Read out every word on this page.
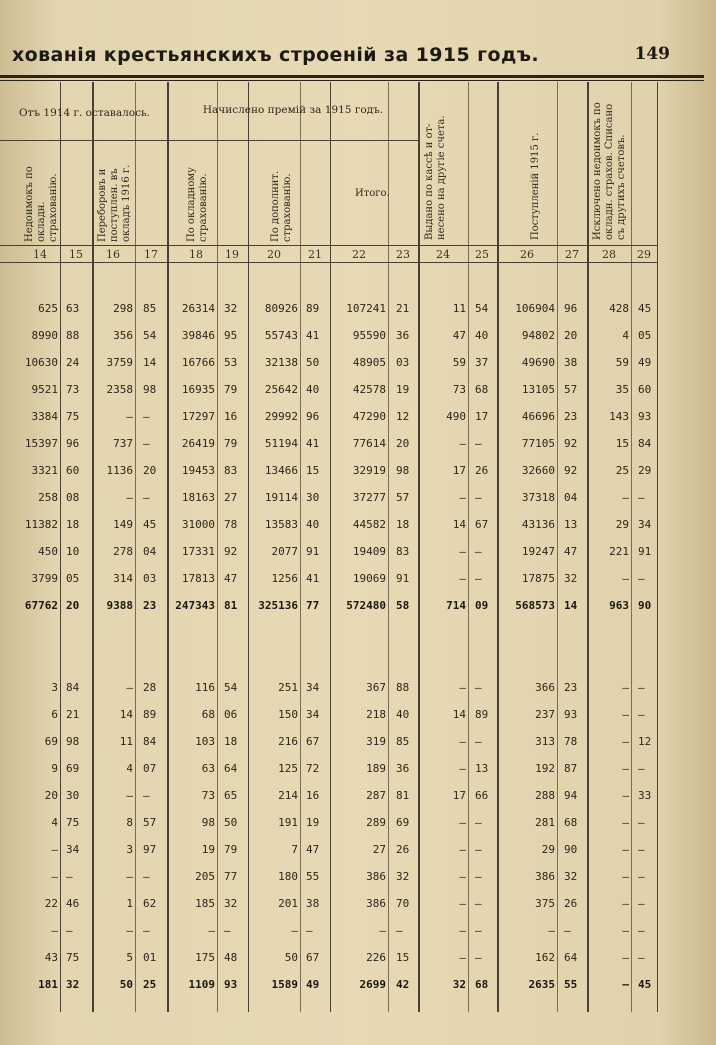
хованія крестьянскихъ строеній за 1915 годъ.	149
Отъ 1914 г. оставалось.	Начислено премій за 1915 годъ.
Выдано по кассѣ и от- несено на другіе счета.	Поступленій 1915 г.	Исключено недоимокъ по окладн. страхов. Списано съ другихъ счетовъ.
Недоимокъ по окладн. страхованію.	Переборовъ и поступлен. въ окладъ 1916 г.	По окладному страхованію.	По дополнит. страхованію.	Итого.
14	15	16	17	18	19	20	21	22	23	24	25	26	27	28	29
625 63	298 85	26314 32	80926 89	107241 21	11 54	106904 96	428 45
8990 88	356 54	39846 95	55743 41	95590 36	47 40	94802 20	4 05
10630 24	3759 14	16766 53	32138 50	48905 03	59 37	49690 38	59 49
9521 73	2358 98	16935 79	25642 40	42578 19	73 68	13105 57	35 60
3384 75	— —	17297 16	29992 96	47290 12	490 17	46696 23	143 93
15397 96	737 —	26419 79	51194 41	77614 20	— —	77105 92	15 84
3321 60	1136 20	19453 83	13466 15	32919 98	17 26	32660 92	25 29
258 08	— —	18163 27	19114 30	37277 57	— —	37318 04	— —
11382 18	149 45	31000 78	13583 40	44582 18	14 67	43136 13	29 34
450 10	278 04	17331 92	2077 91	19409 83	— —	19247 47	221 91
3799 05	314 03	17813 47	1256 41	19069 91	— —	17875 32	— —
67762 20	9388 23	247343 81	325136 77	572480 58	714 09	568573 14	963 90
3 84	— 28	116 54	251 34	367 88	— —	366 23	— —
6 21	14 89	68 06	150 34	218 40	14 89	237 93	— —
69 98	11 84	103 18	216 67	319 85	— —	313 78	— 12
9 69	4 07	63 64	125 72	189 36	— 13	192 87	— —
20 30	— —	73 65	214 16	287 81	17 66	288 94	— 33
4 75	8 57	98 50	191 19	289 69	— —	281 68	— —
— 34	3 97	19 79	7 47	27 26	— —	29 90	— —
— —	— —	205 77	180 55	386 32	— —	386 32	— —
22 46	1 62	185 32	201 38	386 70	— —	375 26	— —
— —	— —	— —	— —	— —	— —	— —	— —
43 75	5 01	175 48	50 67	226 15	— —	162 64	— —
181 32	50 25	1109 93	1589 49	2699 42	32 68	2635 55	— 45
